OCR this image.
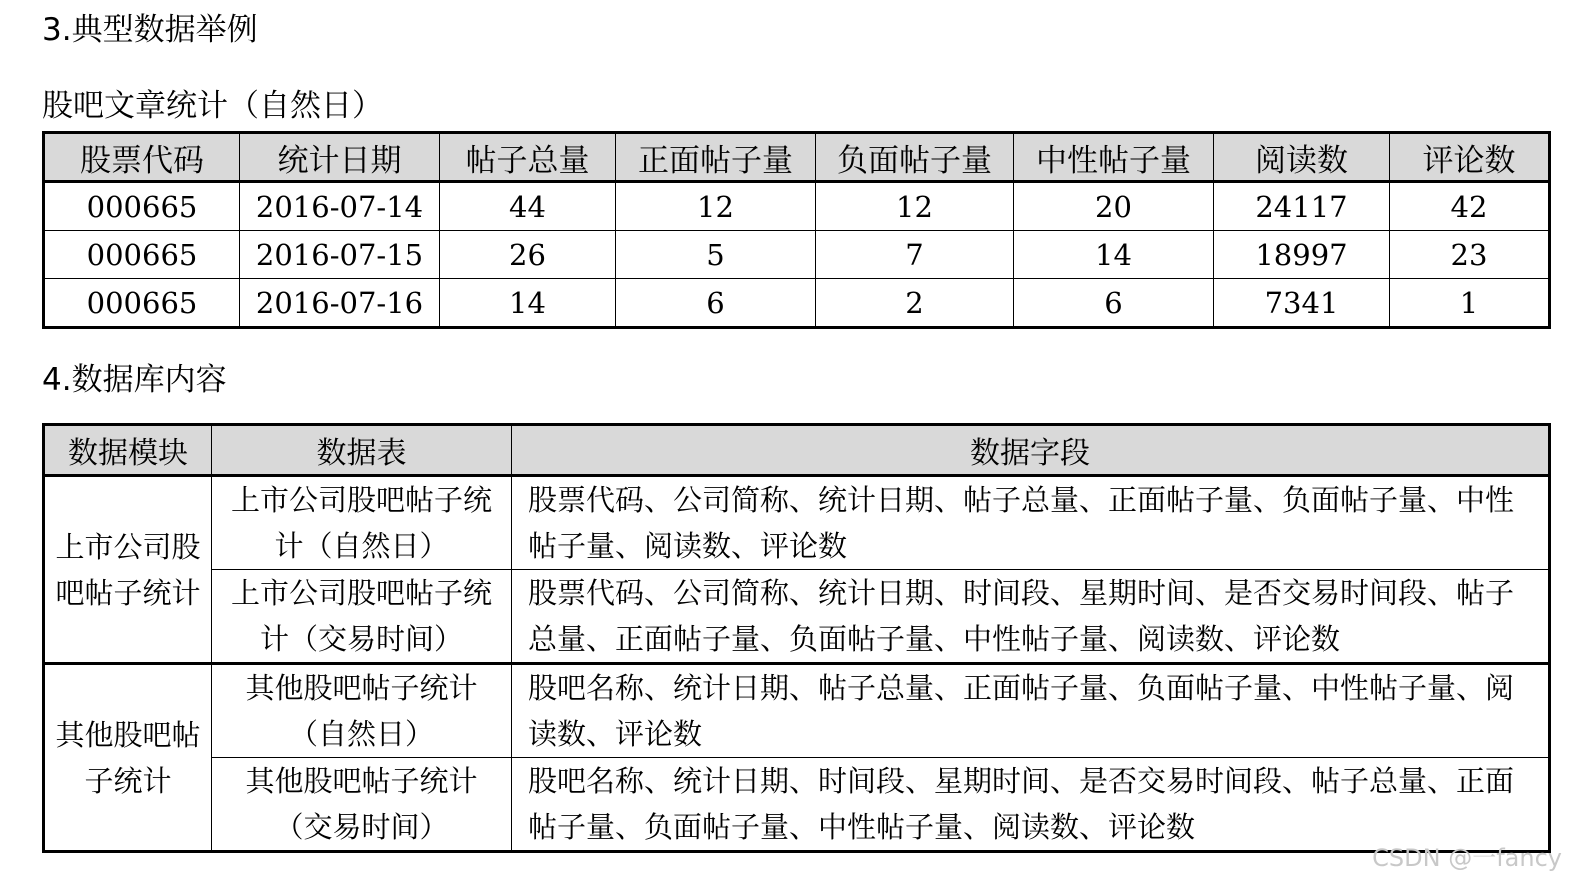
3.典型数据举例
股吧文章统计（自然日）
股票代码	统计日期	帖子总量	正面帖子量	负面帖子量	中性帖子量	阅读数	评论数
000665	2016-07-14	44	12	12	20	24117	42
000665	2016-07-15	26	5	7	14	18997	23
000665	2016-07-16	14	6	2	6	7341	1
4.数据库内容
数据模块	数据表	数据字段
上市公司股吧帖子统计	上市公司股吧帖子统计（自然日）	股票代码、公司简称、统计日期、帖子总量、正面帖子量、负面帖子量、中性帖子量、阅读数、评论数
	上市公司股吧帖子统计（交易时间）	股票代码、公司简称、统计日期、时间段、星期时间、是否交易时间段、帖子总量、正面帖子量、负面帖子量、中性帖子量、阅读数、评论数
其他股吧帖子统计	其他股吧帖子统计（自然日）	股吧名称、统计日期、帖子总量、正面帖子量、负面帖子量、中性帖子量、阅读数、评论数
	其他股吧帖子统计（交易时间）	股吧名称、统计日期、时间段、星期时间、是否交易时间段、帖子总量、正面帖子量、负面帖子量、中性帖子量、阅读数、评论数
CSDN @一fancy
